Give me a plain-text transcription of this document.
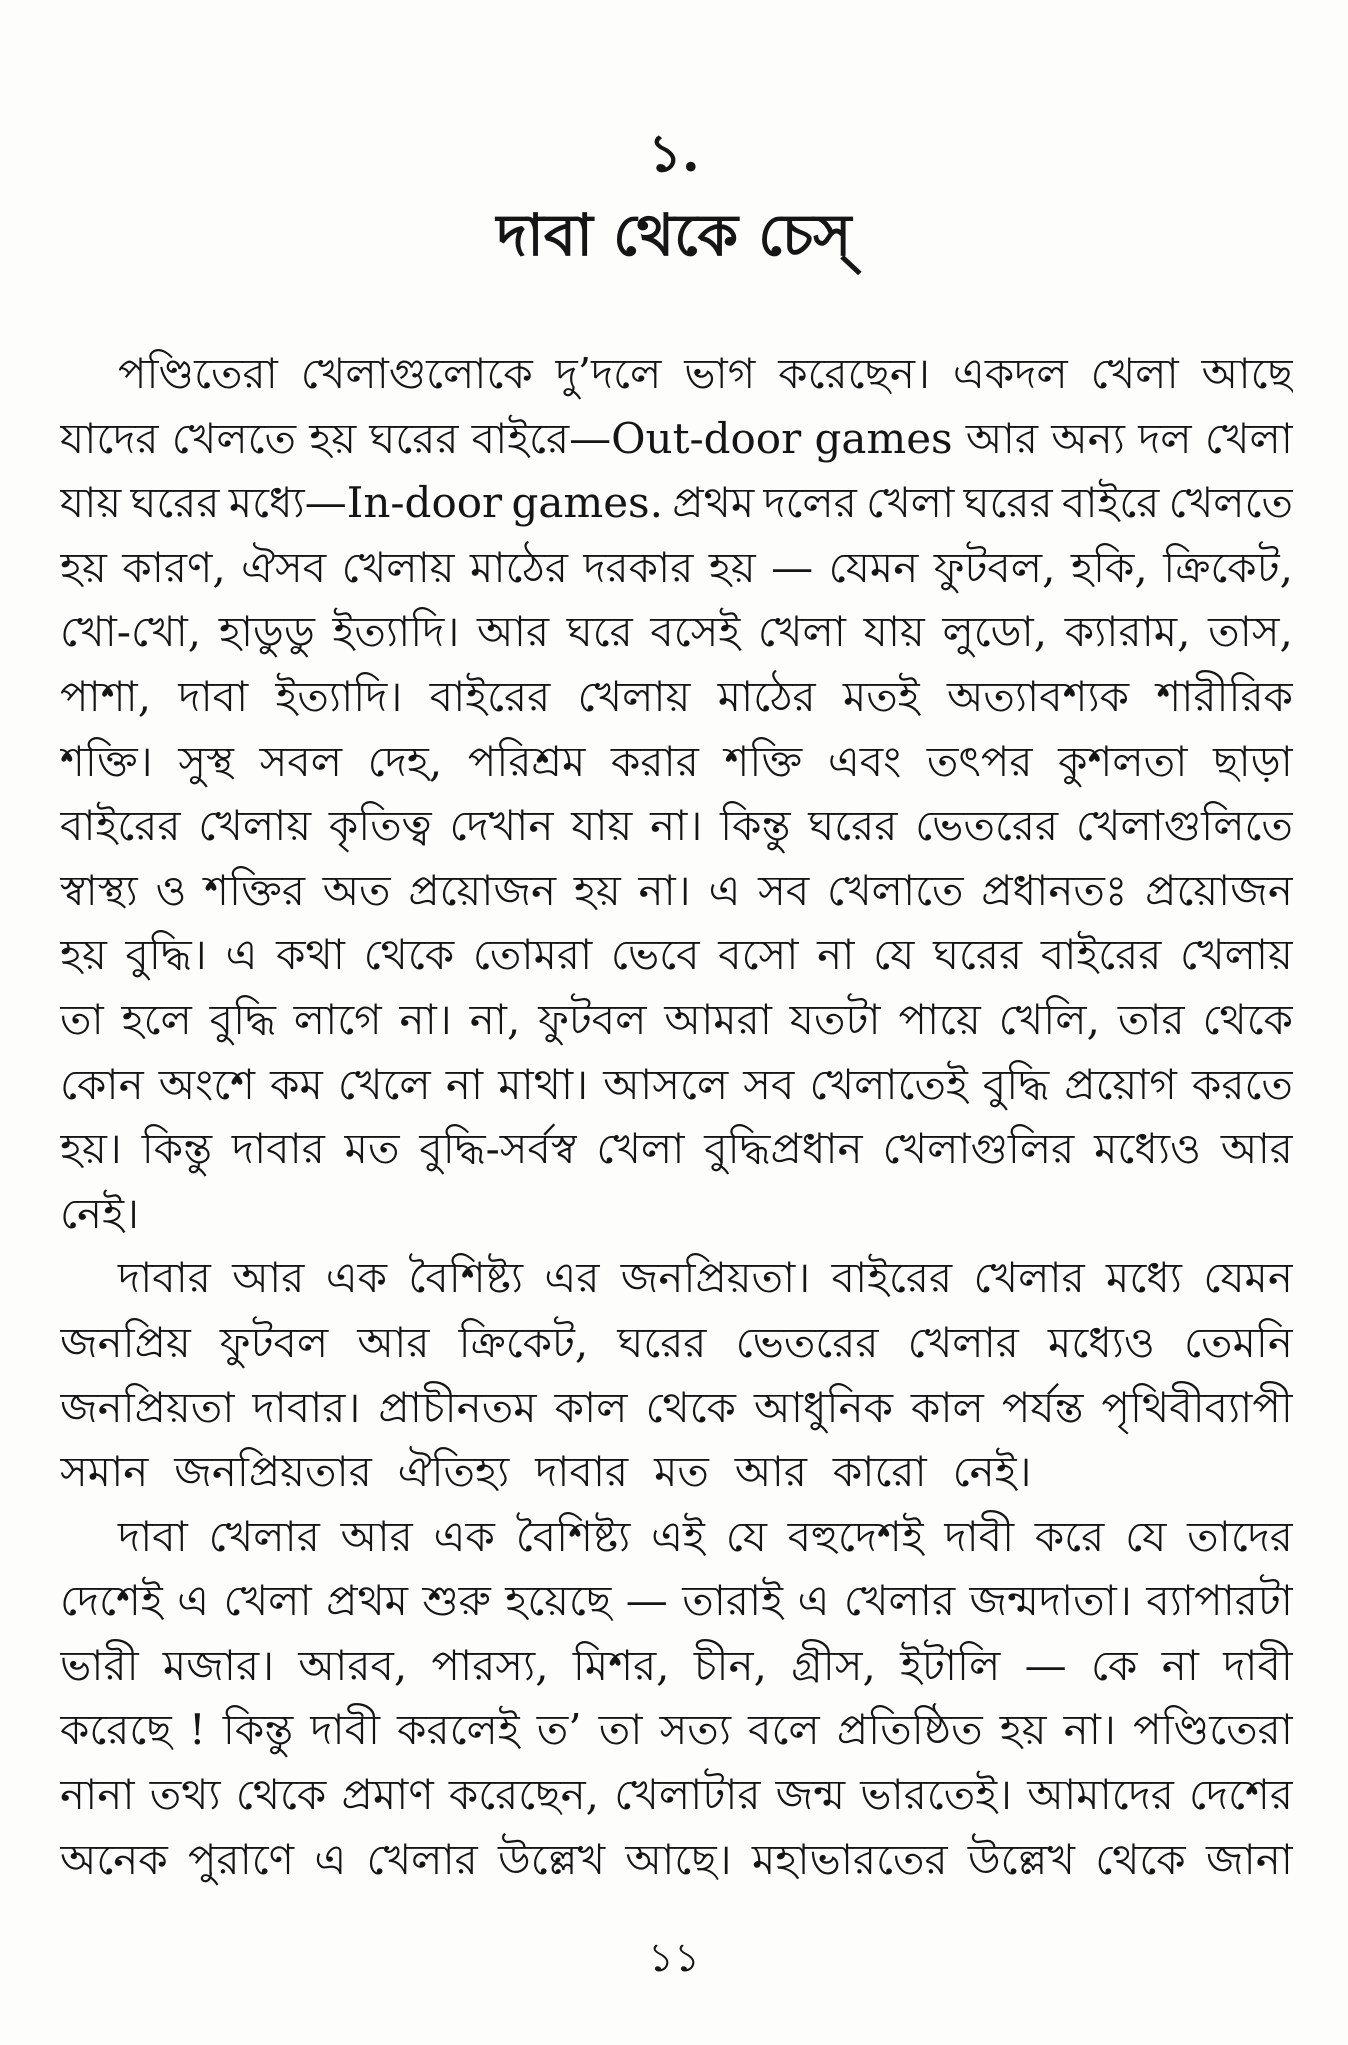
১.
দাবা থেকে চেস্
পণ্ডিতেরা খেলাগুলোকে দু’দলে ভাগ করেছেন। একদল খেলা আছে
যাদের খেলতে হয় ঘরের বাইরে—Out-door games আর অন্য দল খেলা
যায় ঘরের মধ্যে—In-door games. প্রথম দলের খেলা ঘরের বাইরে খেলতে
হয় কারণ, ঐসব খেলায় মাঠের দরকার হয় — যেমন ফুটবল, হকি, ক্রিকেট,
খো-খো, হাডুডু ইত্যাদি। আর ঘরে বসেই খেলা যায় লুডো, ক্যারাম, তাস,
পাশা, দাবা ইত্যাদি। বাইরের খেলায় মাঠের মতই অত্যাবশ্যক শারীরিক
শক্তি। সুস্থ সবল দেহ, পরিশ্রম করার শক্তি এবং তৎপর কুশলতা ছাড়া
বাইরের খেলায় কৃতিত্ব দেখান যায় না। কিন্তু ঘরের ভেতরের খেলাগুলিতে
স্বাস্থ্য ও শক্তির অত প্রয়োজন হয় না। এ সব খেলাতে প্রধানতঃ প্রয়োজন
হয় বুদ্ধি। এ কথা থেকে তোমরা ভেবে বসো না যে ঘরের বাইরের খেলায়
তা হলে বুদ্ধি লাগে না। না, ফুটবল আমরা যতটা পায়ে খেলি, তার থেকে
কোন অংশে কম খেলে না মাথা। আসলে সব খেলাতেই বুদ্ধি প্রয়োগ করতে
হয়। কিন্তু দাবার মত বুদ্ধি-সর্বস্ব খেলা বুদ্ধিপ্রধান খেলাগুলির মধ্যেও আর
নেই।
দাবার আর এক বৈশিষ্ট্য এর জনপ্রিয়তা। বাইরের খেলার মধ্যে যেমন
জনপ্রিয় ফুটবল আর ক্রিকেট, ঘরের ভেতরের খেলার মধ্যেও তেমনি
জনপ্রিয়তা দাবার। প্রাচীনতম কাল থেকে আধুনিক কাল পর্যন্ত পৃথিবীব্যাপী
সমান জনপ্রিয়তার ঐতিহ্য দাবার মত আর কারো নেই।
দাবা খেলার আর এক বৈশিষ্ট্য এই যে বহুদেশই দাবী করে যে তাদের
দেশেই এ খেলা প্রথম শুরু হয়েছে — তারাই এ খেলার জন্মদাতা। ব্যাপারটা
ভারী মজার। আরব, পারস্য, মিশর, চীন, গ্রীস, ইটালি — কে না দাবী
করেছে ! কিন্তু দাবী করলেই ত’ তা সত্য বলে প্রতিষ্ঠিত হয় না। পণ্ডিতেরা
নানা তথ্য থেকে প্রমাণ করেছেন, খেলাটার জন্ম ভারতেই। আমাদের দেশের
অনেক পুরাণে এ খেলার উল্লেখ আছে। মহাভারতের উল্লেখ থেকে জানা
১১
